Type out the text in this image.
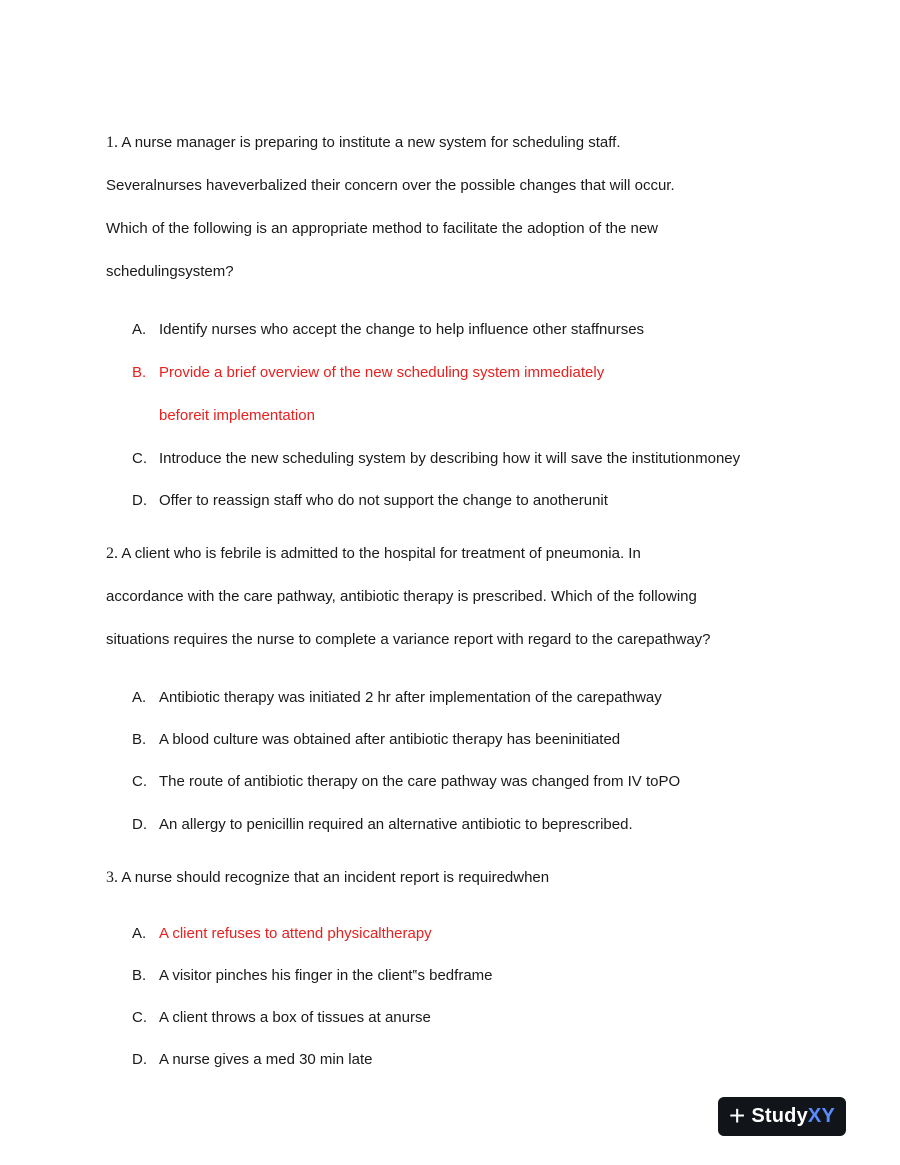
1. A nurse manager is preparing to institute a new system for scheduling staff.
Severalnurses haveverbalized their concern over the possible changes that will occur.
Which of the following is an appropriate method to facilitate the adoption of the new
schedulingsystem?
A. Identify nurses who accept the change to help influence other staffnurses
B. Provide a brief overview of the new scheduling system immediately
beforeit implementation
C. Introduce the new scheduling system by describing how it will save the institutionmoney
D. Offer to reassign staff who do not support the change to anotherunit
2. A client who is febrile is admitted to the hospital for treatment of pneumonia. In
accordance with the care pathway, antibiotic therapy is prescribed. Which of the following
situations requires the nurse to complete a variance report with regard to the carepathway?
A. Antibiotic therapy was initiated 2 hr after implementation of the carepathway
B. A blood culture was obtained after antibiotic therapy has beeninitiated
C. The route of antibiotic therapy on the care pathway was changed from IV toPO
D. An allergy to penicillin required an alternative antibiotic to beprescribed.
3. A nurse should recognize that an incident report is requiredwhen
A. A client refuses to attend physicaltherapy
B. A visitor pinches his finger in the client‟s bedframe
C. A client throws a box of tissues at anurse
D. A nurse gives a med 30 min late
+ StudyXY
